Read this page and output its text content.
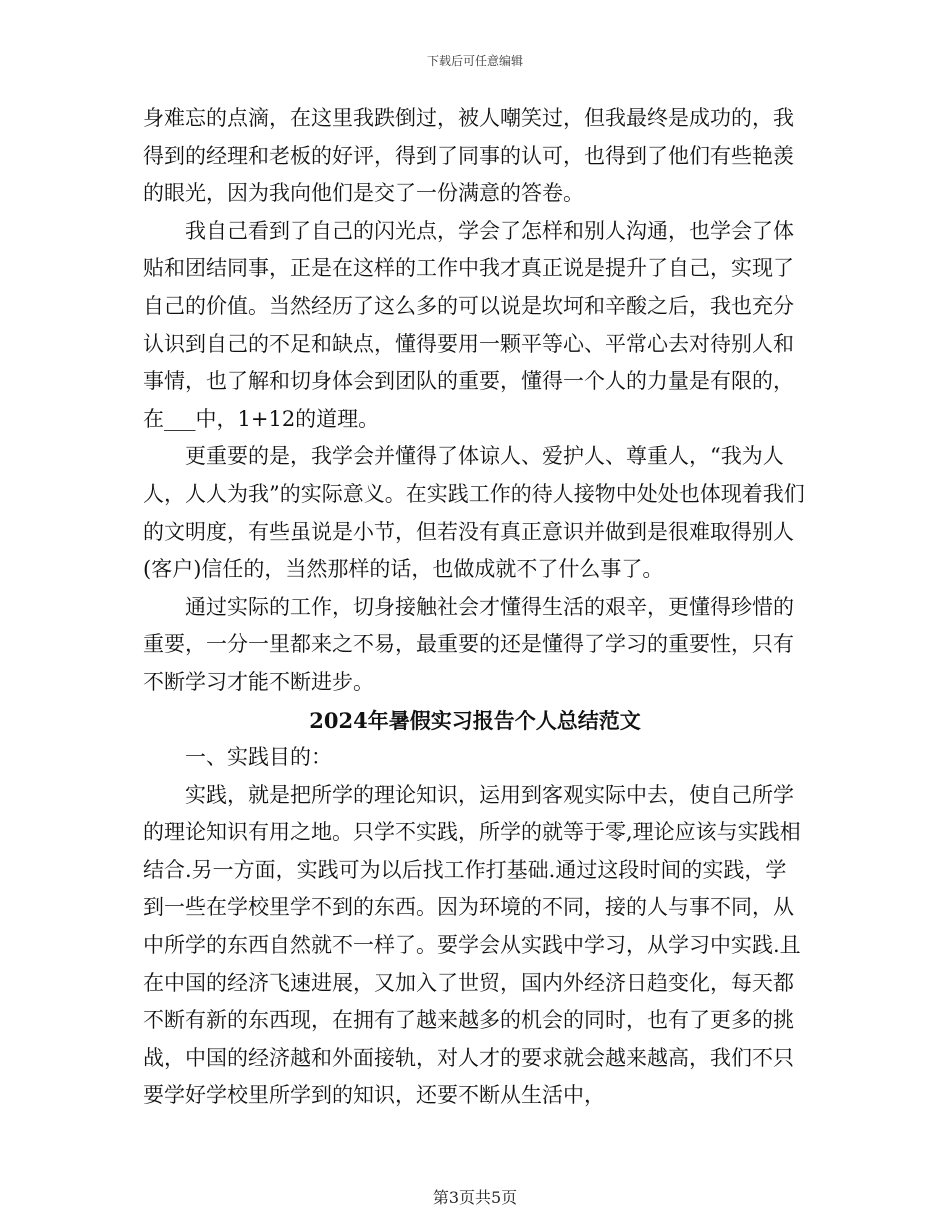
下载后可任意编辑

身难忘的点滴，在这里我跌倒过，被人嘲笑过，但我最终是成功的，我得到的经理和老板的好评，得到了同事的认可，也得到了他们有些艳羡的眼光，因为我向他们是交了一份满意的答卷。

我自己看到了自己的闪光点，学会了怎样和别人沟通，也学会了体贴和团结同事，正是在这样的工作中我才真正说是提升了自己，实现了自己的价值。当然经历了这么多的可以说是坎坷和辛酸之后，我也充分认识到自己的不足和缺点，懂得要用一颗平等心、平常心去对待别人和事情，也了解和切身体会到团队的重要，懂得一个人的力量是有限的，在___中，1+12的道理。

更重要的是，我学会并懂得了体谅人、爱护人、尊重人，“我为人人，人人为我”的实际意义。在实践工作的待人接物中处处也体现着我们的文明度，有些虽说是小节，但若没有真正意识并做到是很难取得别人(客户)信任的，当然那样的话，也做成就不了什么事了。

通过实际的工作，切身接触社会才懂得生活的艰辛，更懂得珍惜的重要，一分一里都来之不易，最重要的还是懂得了学习的重要性，只有不断学习才能不断进步。

2024年暑假实习报告个人总结范文

一、实践目的：

实践，就是把所学的理论知识，运用到客观实际中去，使自己所学的理论知识有用之地。只学不实践，所学的就等于零,理论应该与实践相结合.另一方面，实践可为以后找工作打基础.通过这段时间的实践，学到一些在学校里学不到的东西。因为环境的不同，接的人与事不同，从中所学的东西自然就不一样了。要学会从实践中学习，从学习中实践.且在中国的经济飞速进展，又加入了世贸，国内外经济日趋变化，每天都不断有新的东西现，在拥有了越来越多的机会的同时，也有了更多的挑战，中国的经济越和外面接轨，对人才的要求就会越来越高，我们不只要学好学校里所学到的知识，还要不断从生活中，

第3页共5页
